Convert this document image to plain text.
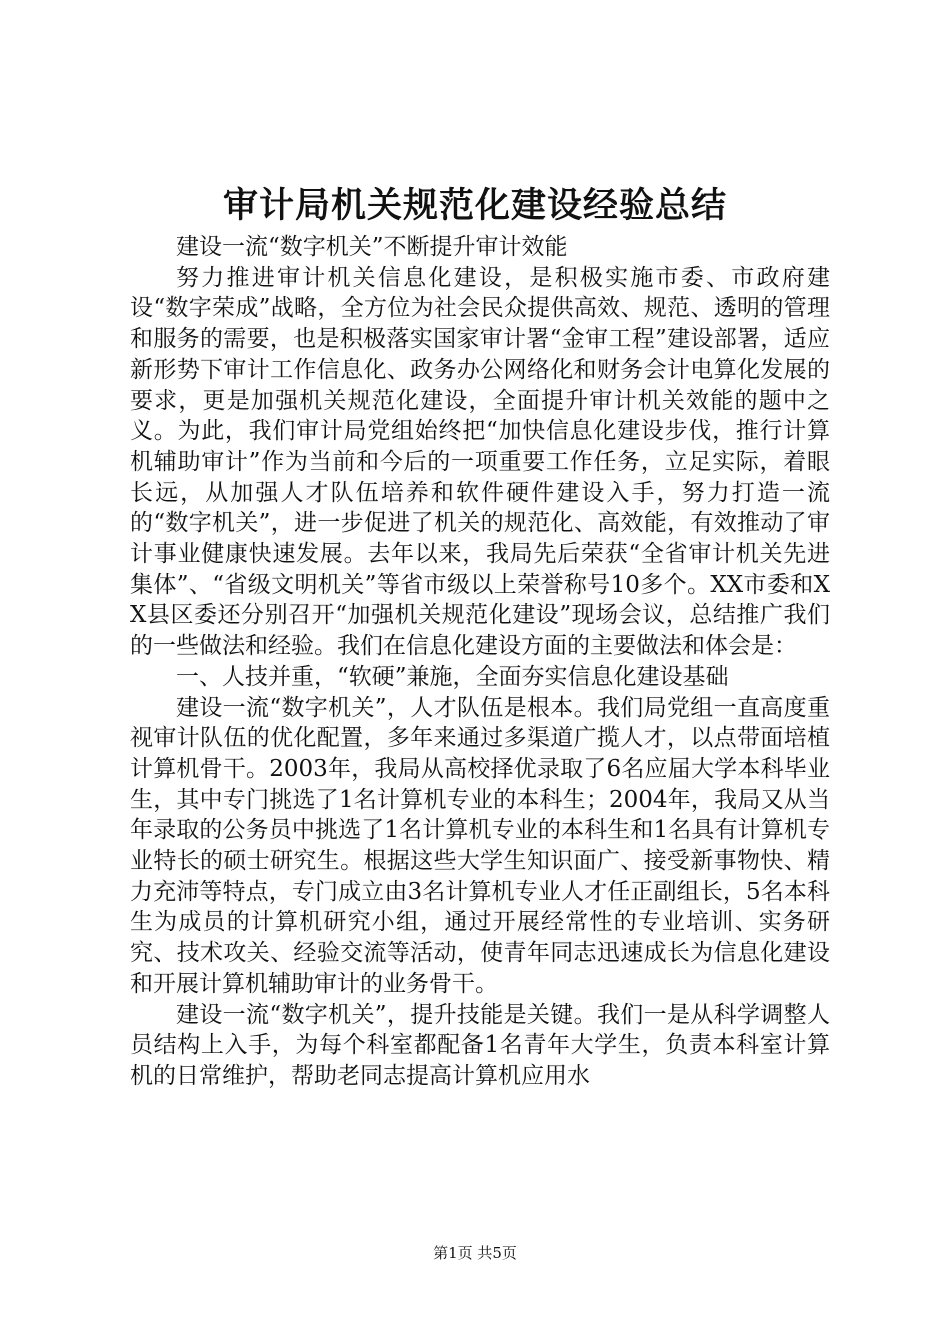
审计局机关规范化建设经验总结

建设一流“数字机关”不断提升审计效能

努力推进审计机关信息化建设，是积极实施市委、市政府建设“数字荣成”战略，全方位为社会民众提供高效、规范、透明的管理和服务的需要，也是积极落实国家审计署“金审工程”建设部署，适应新形势下审计工作信息化、政务办公网络化和财务会计电算化发展的要求，更是加强机关规范化建设，全面提升审计机关效能的题中之义。为此，我们审计局党组始终把“加快信息化建设步伐，推行计算机辅助审计”作为当前和今后的一项重要工作任务，立足实际，着眼长远，从加强人才队伍培养和软件硬件建设入手，努力打造一流的“数字机关”，进一步促进了机关的规范化、高效能，有效推动了审计事业健康快速发展。去年以来，我局先后荣获“全省审计机关先进集体”、“省级文明机关”等省市级以上荣誉称号10多个。XX市委和XX县区委还分别召开“加强机关规范化建设”现场会议，总结推广我们的一些做法和经验。我们在信息化建设方面的主要做法和体会是：

一、人技并重，“软硬”兼施，全面夯实信息化建设基础

建设一流“数字机关”，人才队伍是根本。我们局党组一直高度重视审计队伍的优化配置，多年来通过多渠道广揽人才，以点带面培植计算机骨干。2003年，我局从高校择优录取了6名应届大学本科毕业生，其中专门挑选了1名计算机专业的本科生；2004年，我局又从当年录取的公务员中挑选了1名计算机专业的本科生和1名具有计算机专业特长的硕士研究生。根据这些大学生知识面广、接受新事物快、精力充沛等特点，专门成立由3名计算机专业人才任正副组长，5名本科生为成员的计算机研究小组，通过开展经常性的专业培训、实务研究、技术攻关、经验交流等活动，使青年同志迅速成长为信息化建设和开展计算机辅助审计的业务骨干。

建设一流“数字机关”，提升技能是关键。我们一是从科学调整人员结构上入手，为每个科室都配备1名青年大学生，负责本科室计算机的日常维护，帮助老同志提高计算机应用水

第1页 共5页
